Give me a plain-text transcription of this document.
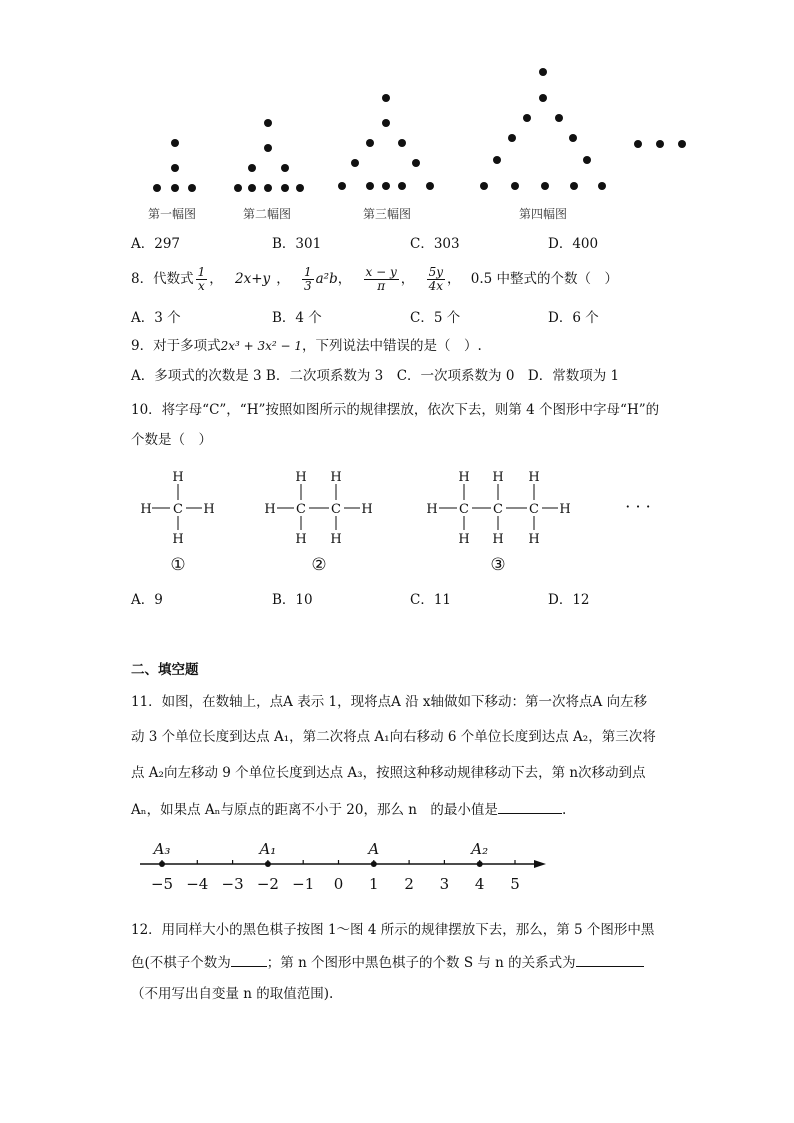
第一幅图	第二幅图	第三幅图	第四幅图
A．297	B．301	C．303	D．400
8．代数式 $\frac{1}{x}$ ， 2x+y ， $\frac{1}{3} a^2b$， $\frac{x - y}{\pi}$ ， $\frac{5y}{4x}$ ， 0.5 中整式的个数（　）
A．3 个	B．4 个	C．5 个	D．6 个
9．对于多项式2x³ + 3x² − 1，下列说法中错误的是（　）.
A．多项式的次数是 3 B．二次项系数为 3　C．一次项系数为 0　D．常数项为 1
10．将字母“C”，“H”按照如图所示的规律摆放，依次下去，则第 4 个图形中字母“H”的
个数是（　）
H
H C H
H
H H
H C C H
H H
H H H
H C C C H
H H H
①	②	③
· · ·
A．9	B．10	C．11	D．12
二、填空题
11．如图，在数轴上，点A 表示 1，现将点A 沿 x轴做如下移动：第一次将点A 向左移
动 3 个单位长度到达点 A₁，第二次将点 A₁向右移动 6 个单位长度到达点 A₂，第三次将
点 A₂向左移动 9 个单位长度到达点 A₃，按照这种移动规律移动下去，第 n次移动到点
Aₙ，如果点 Aₙ与原点的距离不小于 20，那么 n　的最小值是	.
−5 −4 −3 −2 −1 0 1 2 3 4 5
A₃	A₁	A	A₂
12．用同样大小的黑色棋子按图 1～图 4 所示的规律摆放下去，那么，第 5 个图形中黑
色(不棋子个数为	；第 n 个图形中黑色棋子的个数 S 与 n 的关系式为
（不用写出自变量 n 的取值范围).
